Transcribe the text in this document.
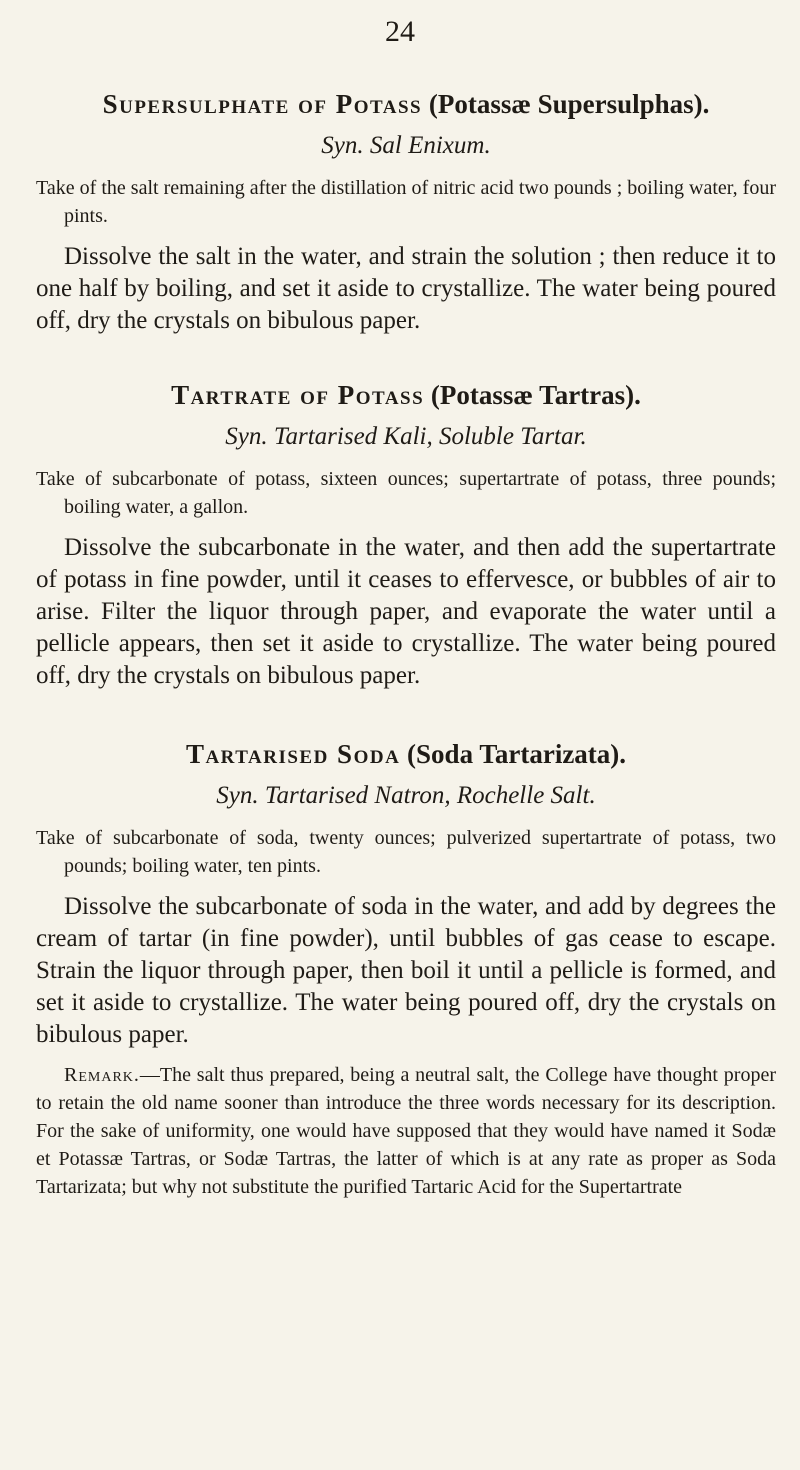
24
Supersulphate of Potass (Potassæ Supersulphas).
Syn. Sal Enixum.

Take of the salt remaining after the distillation of nitric acid two pounds ; boiling water, four pints.

Dissolve the salt in the water, and strain the solution ; then reduce it to one half by boiling, and set it aside to crystallize. The water being poured off, dry the crystals on bibulous paper.

Tartrate of Potass (Potassæ Tartras).
Syn. Tartarised Kali, Soluble Tartar.

Take of subcarbonate of potass, sixteen ounces; supertartrate of potass, three pounds; boiling water, a gallon.

Dissolve the subcarbonate in the water, and then add the supertartrate of potass in fine powder, until it ceases to effervesce, or bubbles of air to arise. Filter the liquor through paper, and evaporate the water until a pellicle appears, then set it aside to crystallize. The water being poured off, dry the crystals on bibulous paper.

Tartarised Soda (Soda Tartarizata).
Syn. Tartarised Natron, Rochelle Salt.

Take of subcarbonate of soda, twenty ounces; pulverized supertartrate of potass, two pounds; boiling water, ten pints.

Dissolve the subcarbonate of soda in the water, and add by degrees the cream of tartar (in fine powder), until bubbles of gas cease to escape. Strain the liquor through paper, then boil it until a pellicle is formed, and set it aside to crystallize. The water being poured off, dry the crystals on bibulous paper.

Remark.—The salt thus prepared, being a neutral salt, the College have thought proper to retain the old name sooner than introduce the three words necessary for its description. For the sake of uniformity, one would have supposed that they would have named it Sodæ et Potassæ Tartras, or Sodæ Tartras, the latter of which is at any rate as proper as Soda Tartarizata; but why not substitute the purified Tartaric Acid for the Supertartrate
